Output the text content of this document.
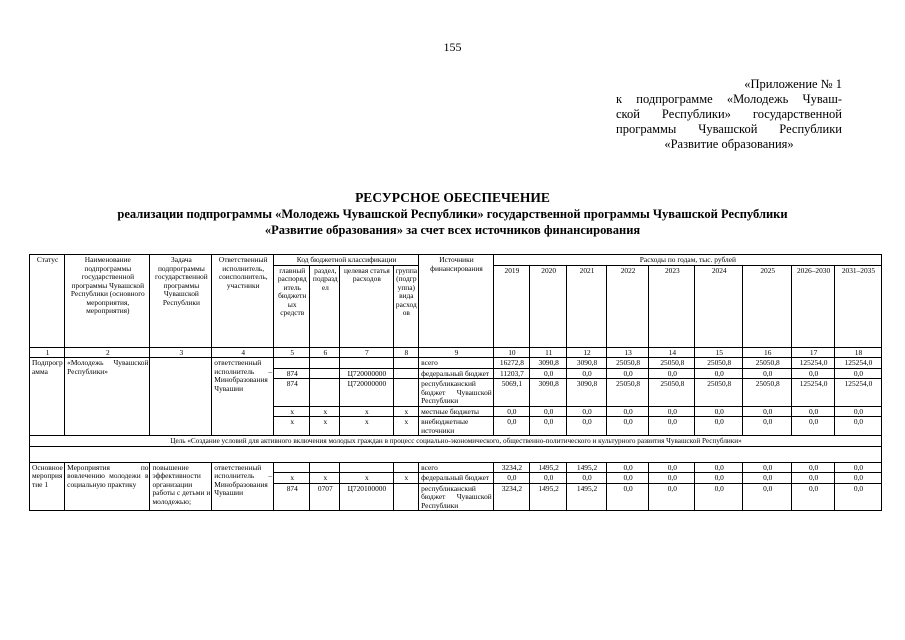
155
«Приложение № 1
к подпрограмме «Молодежь Чуваш-
ской Республики» государственной
программы Чувашской Республики
«Развитие образования»
РЕСУРСНОЕ ОБЕСПЕЧЕНИЕ
реализации подпрограммы «Молодежь Чувашской Республики» государственной программы Чувашской Республики
«Развитие образования» за счет всех источников финансирования
Статус	Наименование подпрограммы государственной программы Чувашской Республики (основного мероприятия, мероприятия)	Задача подпрограммы государственной программы Чувашской Республики	Ответственный исполнитель, соисполнитель, участники	Код бюджетной классификации				Источники финансирования	Расходы по годам, тыс. рублей								
				главный распорядитель бюджетных средств	раздел, подраздел	целевая статья расходов	группа (подгруппа) вида расходов		2019	2020	2021	2022	2023	2024	2025	2026–2030	2031–2035
1	2	3	4	5	6	7	8	9	10	11	12	13	14	15	16	17	18
Подпрограмма	«Молодежь Чувашской Республики»		ответственный исполнитель – Минобразования Чувашии					всего	16272,8	3090,8	3090,8	25050,8	25050,8	25050,8	25050,8	125254,0	125254,0
				874		Ц720000000		федеральный бюджет	11203,7	0,0	0,0	0,0	0,0	0,0	0,0	0,0	0,0
				874		Ц720000000		республиканский бюджет Чувашской Республики	5069,1	3090,8	3090,8	25050,8	25050,8	25050,8	25050,8	125254,0	125254,0
				x	x	x	x	местные бюджеты	0,0	0,0	0,0	0,0	0,0	0,0	0,0	0,0	0,0
				x	x	x	x	внебюджетные источники	0,0	0,0	0,0	0,0	0,0	0,0	0,0	0,0	0,0
Цель «Создание условий для активного включения молодых граждан в процесс социально-экономического, общественно-политического и культурного развития Чувашской Республики»																	

Основное мероприятие 1	Мероприятия по вовлечению молодежи в социальную практику	повышение эффективности организации работы с детьми и молодежью;	ответственный исполнитель – Минобразования Чувашии					всего	3234,2	1495,2	1495,2	0,0	0,0	0,0	0,0	0,0	0,0
				x	x	x	x	федеральный бюджет	0,0	0,0	0,0	0,0	0,0	0,0	0,0	0,0	0,0
				874	0707	Ц720100000		республиканский бюджет Чувашской Республики	3234,2	1495,2	1495,2	0,0	0,0	0,0	0,0	0,0	0,0
